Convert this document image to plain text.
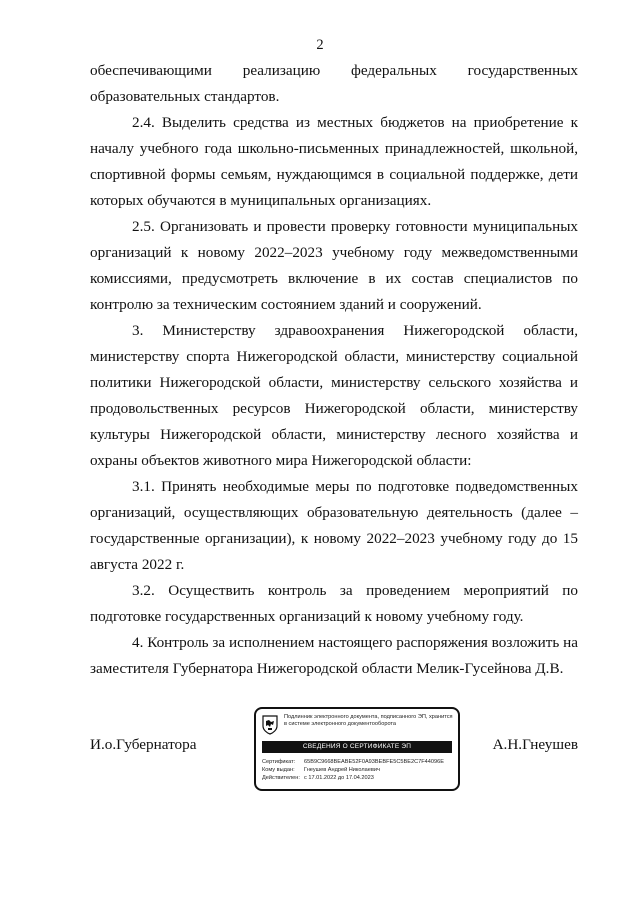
2

обеспечивающими реализацию федеральных государственных образовательных стандартов.

2.4. Выделить средства из местных бюджетов на приобретение к началу учебного года школьно-письменных принадлежностей, школьной, спортивной формы семьям, нуждающимся в социальной поддержке, дети которых обучаются в муниципальных организациях.

2.5. Организовать и провести проверку готовности муниципальных организаций к новому 2022–2023 учебному году межведомственными комиссиями, предусмотреть включение в их состав специалистов по контролю за техническим состоянием зданий и сооружений.

3. Министерству здравоохранения Нижегородской области, министерству спорта Нижегородской области, министерству социальной политики Нижегородской области, министерству сельского хозяйства и продовольственных ресурсов Нижегородской области, министерству культуры Нижегородской области, министерству лесного хозяйства и охраны объектов животного мира Нижегородской области:

3.1. Принять необходимые меры по подготовке подведомственных организаций, осуществляющих образовательную деятельность (далее – государственные организации), к новому 2022–2023 учебному году до 15 августа 2022 г.

3.2. Осуществить контроль за проведением мероприятий по подготовке государственных организаций к новому учебному году.

4. Контроль за исполнением настоящего распоряжения возложить на заместителя Губернатора Нижегородской области Мелик-Гусейнова Д.В.

И.о.Губернатора	А.Н.Гнеушев
Подлинник электронного документа, подписанного ЭП, хранится в системе электронного документооборота
СВЕДЕНИЯ О СЕРТИФИКАТЕ ЭП
Сертификат: 65B9C9668BEABE52F0A93BEBFE5C5BE2C7F44096E
Кому выдан: Гнеушев Андрей Николаевич
Действителен: с 17.01.2022 до 17.04.2023
